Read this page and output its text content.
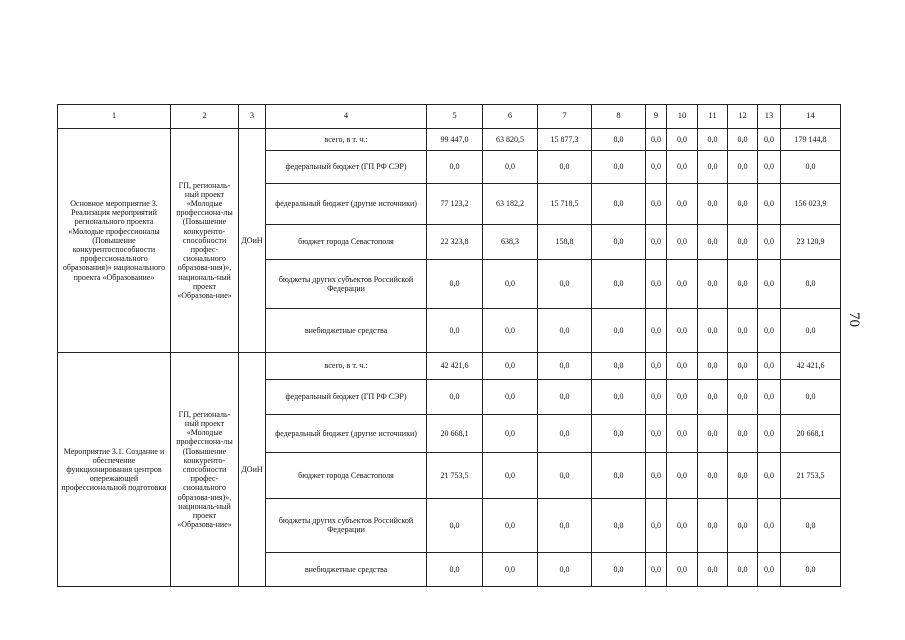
1	2	3	4	5	6	7	8	9	10	11	12	13	14
Основное мероприятие 3. Реализация мероприятий регионального проекта «Молодые профессионалы (Повышение конкурентоспособности профессионального образования)» национального проекта «Образование»	ГП, региональ-ный проект «Молодые профессиона-лы (Повышение конкуренто-способности профес-сионального образова-ния)», националь-ный проект «Образова-ние»	ДОиН	всего, в т. ч.:	99 447,0	63 820,5	15 877,3	0,0	0,0	0,0	0,0	0,0	0,0	179 144,8
			федеральный бюджет (ГП РФ СЭР)	0,0	0,0	0,0	0,0	0,0	0,0	0,0	0,0	0,0	0,0
			федеральный бюджет (другие источники)	77 123,2	63 182,2	15 718,5	0,0	0,0	0,0	0,0	0,0	0,0	156 023,9
			бюджет города Севастополя	22 323,8	638,3	158,8	0,0	0,0	0,0	0,0	0,0	0,0	23 120,9
			бюджеты других субъектов Российской Федерации	0,0	0,0	0,0	0,0	0,0	0,0	0,0	0,0	0,0	0,0
			внебюджетные средства	0,0	0,0	0,0	0,0	0,0	0,0	0,0	0,0	0,0	0,0
Мероприятие 3.1. Создание и обеспечение функционирования центров опережающей профессиональной подготовки	ГП, региональ-ный проект «Молодые профессиона-лы (Повышение конкуренто-способности профес-сионального образова-ния)», националь-ный проект «Образова-ние»	ДОиН	всего, в т. ч.:	42 421,6	0,0	0,0	0,0	0,0	0,0	0,0	0,0	0,0	42 421,6
			федеральный бюджет (ГП РФ СЭР)	0,0	0,0	0,0	0,0	0,0	0,0	0,0	0,0	0,0	0,0
			федеральный бюджет (другие источники)	20 668,1	0,0	0,0	0,0	0,0	0,0	0,0	0,0	0,0	20 668,1
			бюджет города Севастополя	21 753,5	0,0	0,0	0,0	0,0	0,0	0,0	0,0	0,0	21 753,5
			бюджеты других субъектов Российской Федерации	0,0	0,0	0,0	0,0	0,0	0,0	0,0	0,0	0,0	0,0
			внебюджетные средства	0,0	0,0	0,0	0,0	0,0	0,0	0,0	0,0	0,0	0,0
70
